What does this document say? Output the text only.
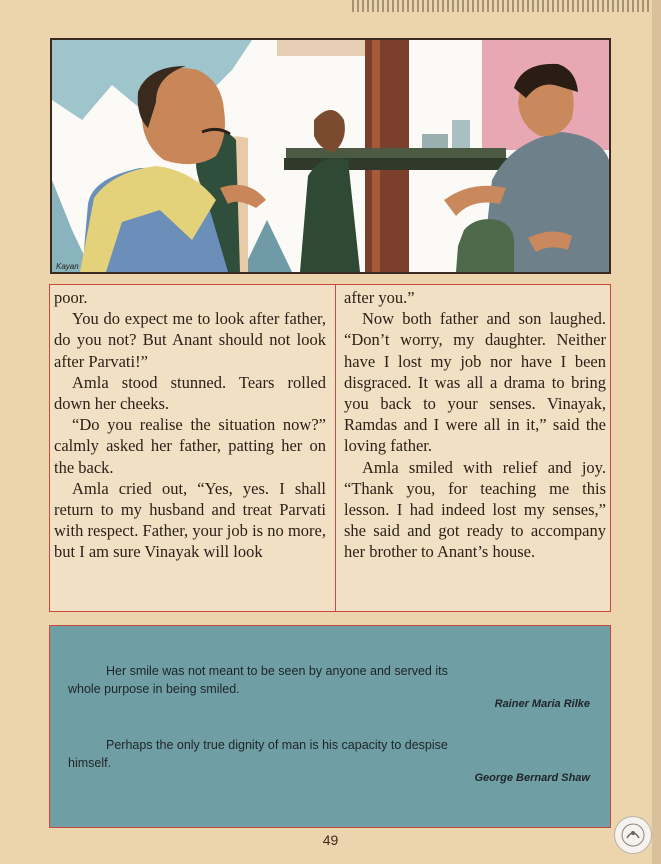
Kayan

poor.

You do expect me to look after father, do you not? But Anant should not look after Parvati!”

Amla stood stunned. Tears rolled down her cheeks.

“Do you realise the situation now?” calmly asked her father, patting her on the back.

Amla cried out, “Yes, yes. I shall return to my husband and treat Parvati with respect. Father, your job is no more, but I am sure Vinayak will look

after you.”

Now both father and son laughed. “Don’t worry, my daughter. Neither have I lost my job nor have I been disgraced. It was all a drama to bring you back to your senses. Vinayak, Ramdas and I were all in it,” said the loving father.

Amla smiled with relief and joy. “Thank you, for teaching me this lesson. I had indeed lost my senses,” she said and got ready to accompany her brother to Anant’s house.

Her smile was not meant to be seen by anyone and served its
whole purpose in being smiled.
Rainer Maria Rilke
Perhaps the only true dignity of man is his capacity to despise
himself.
George Bernard Shaw
49
